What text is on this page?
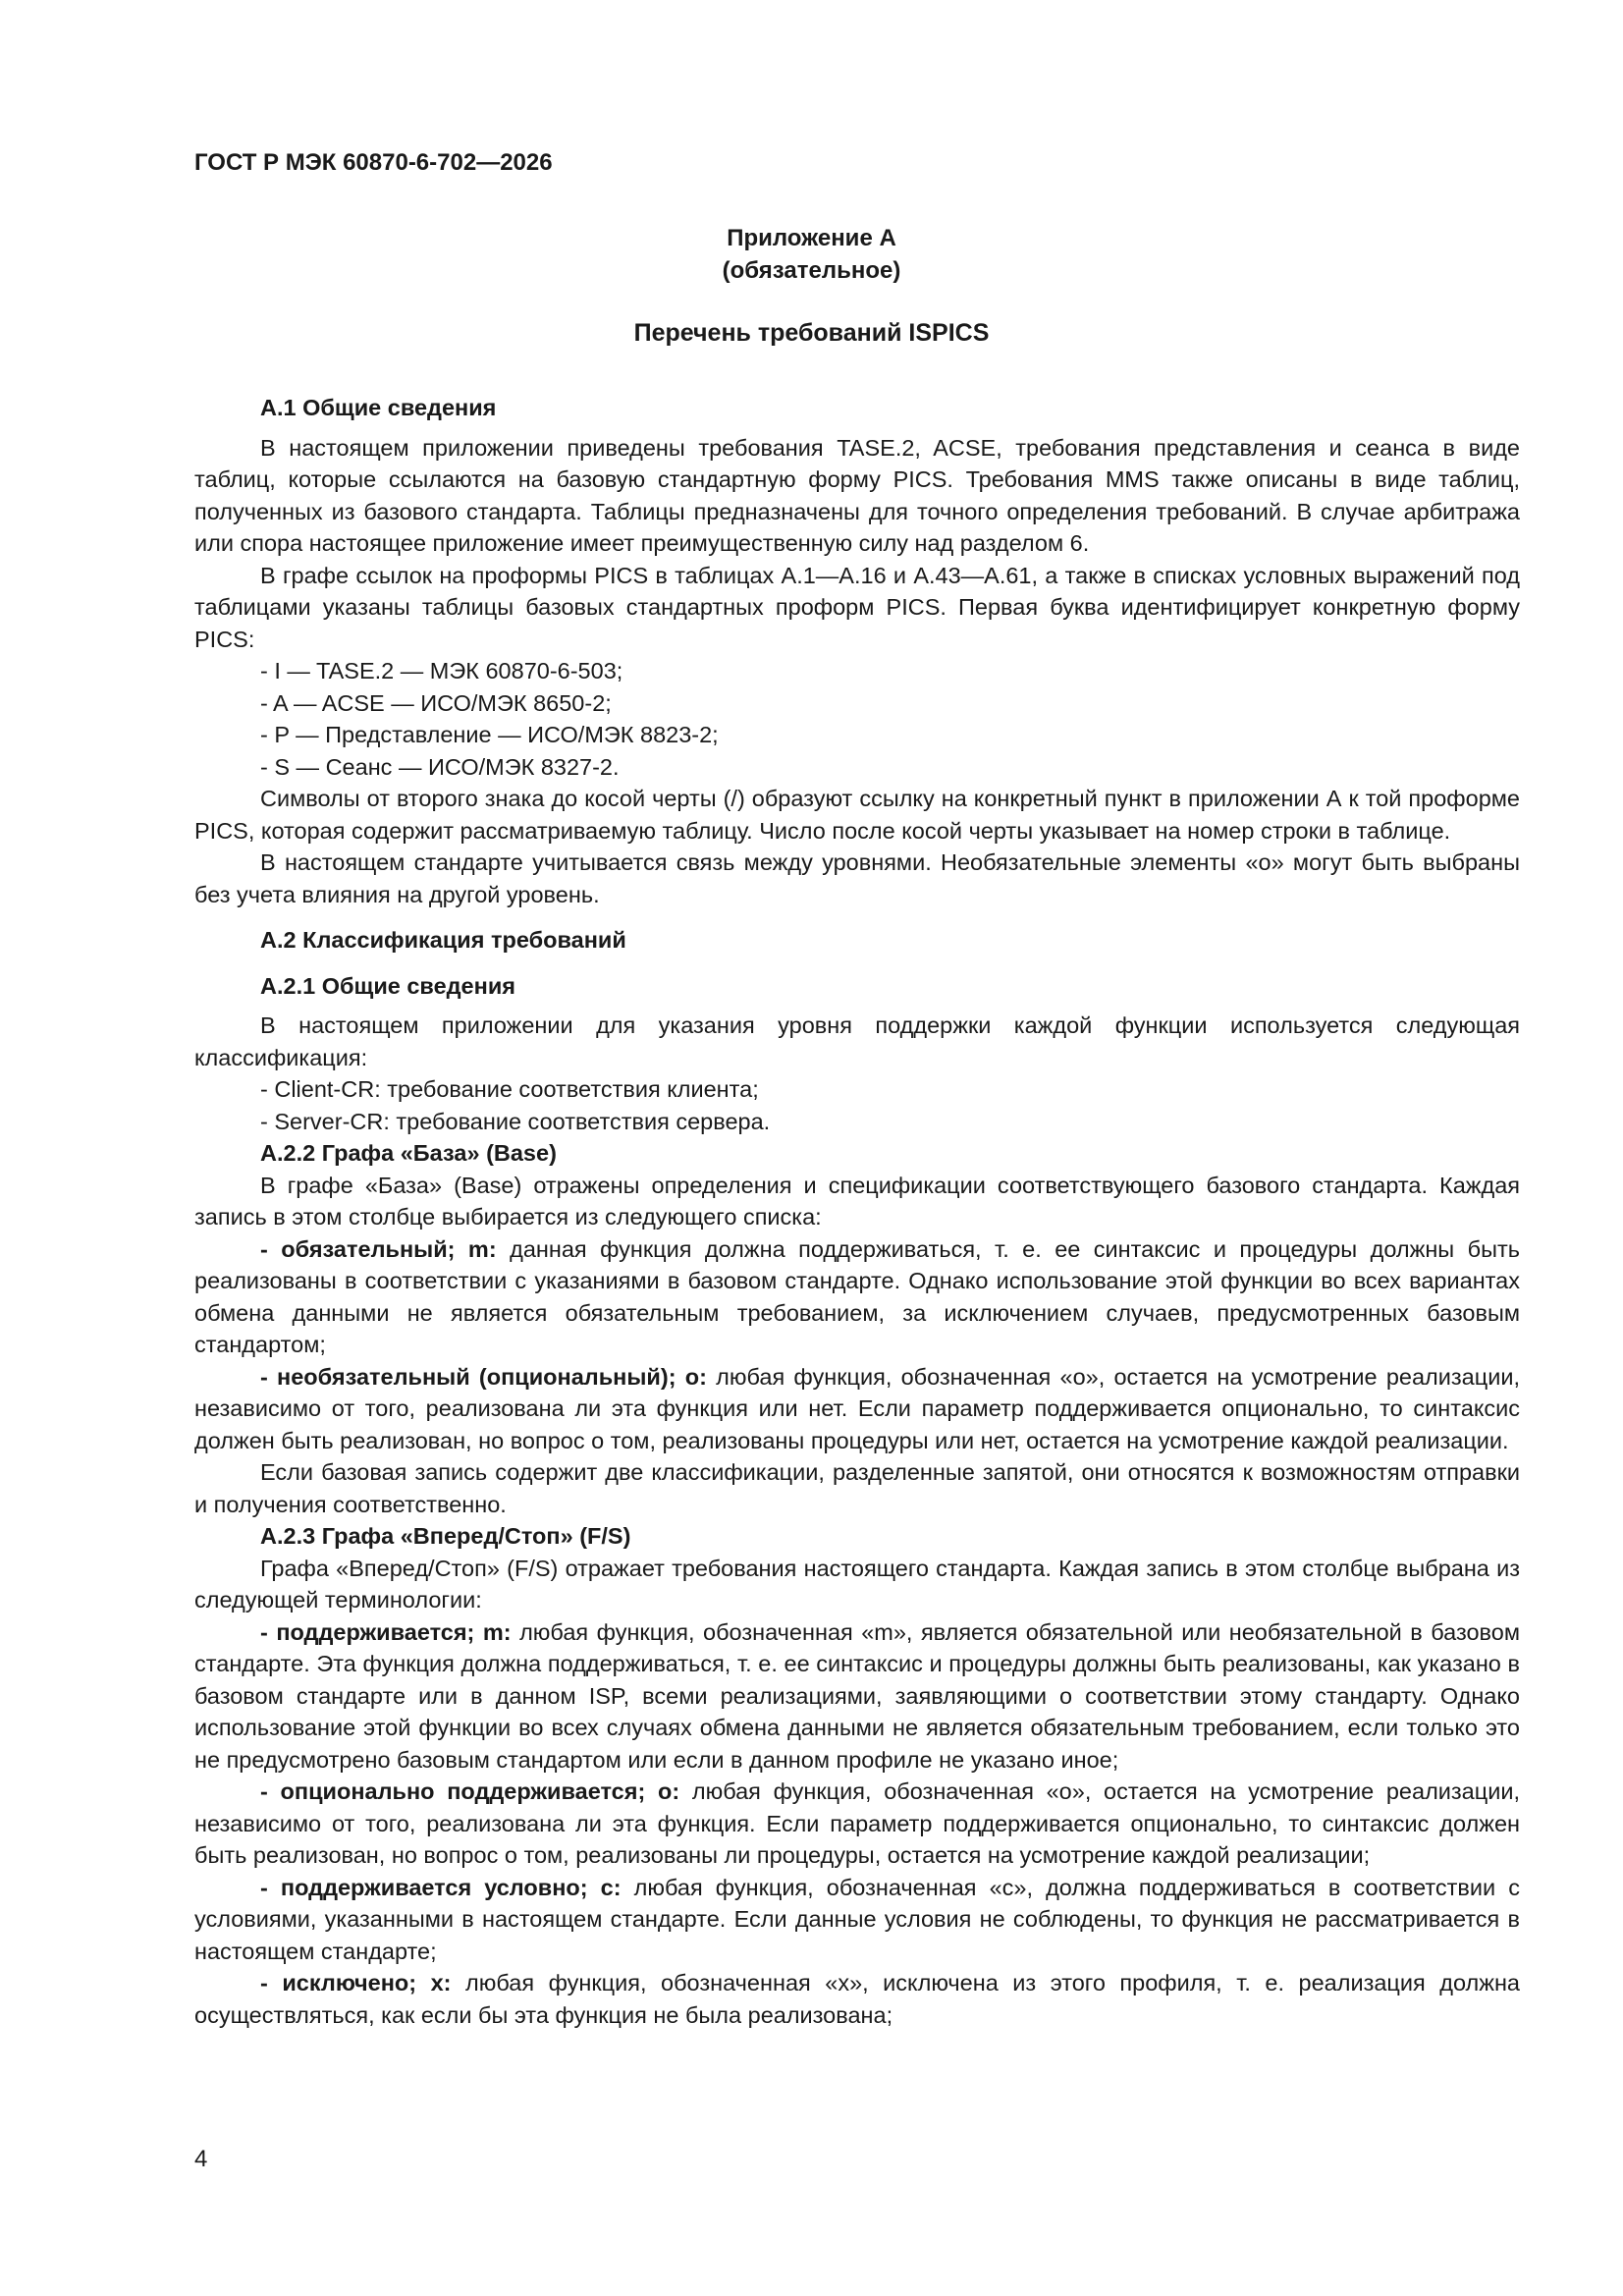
ГОСТ Р МЭК 60870-6-702—2026
Приложение А
(обязательное)
Перечень требований ISPICS
А.1 Общие сведения

В настоящем приложении приведены требования TASE.2, ACSE, требования представления и сеанса в виде таблиц, которые ссылаются на базовую стандартную форму PICS. Требования MMS также описаны в виде таблиц, полученных из базового стандарта. Таблицы предназначены для точного определения требований. В случае арбитража или спора настоящее приложение имеет преимущественную силу над разделом 6.

В графе ссылок на проформы PICS в таблицах А.1—А.16 и А.43—А.61, а также в списках условных выражений под таблицами указаны таблицы базовых стандартных проформ PICS. Первая буква идентифицирует конкретную форму PICS:

- I — TASE.2 — МЭК 60870-6-503;
- A — ACSE — ИСО/МЭК 8650-2;
- P — Представление — ИСО/МЭК 8823-2;
- S — Сеанс — ИСО/МЭК 8327-2.

Символы от второго знака до косой черты (/) образуют ссылку на конкретный пункт в приложении А к той проформе PICS, которая содержит рассматриваемую таблицу. Число после косой черты указывает на номер строки в таблице.

В настоящем стандарте учитывается связь между уровнями. Необязательные элементы «о» могут быть выбраны без учета влияния на другой уровень.

А.2 Классификация требований
А.2.1 Общие сведения

В настоящем приложении для указания уровня поддержки каждой функции используется следующая классификация:

- Client-CR: требование соответствия клиента;
- Server-CR: требование соответствия сервера.
А.2.2 Графа «База» (Base)

В графе «База» (Base) отражены определения и спецификации соответствующего базового стандарта. Каждая запись в этом столбце выбирается из следующего списка:

- обязательный; m: данная функция должна поддерживаться, т. е. ее синтаксис и процедуры должны быть реализованы в соответствии с указаниями в базовом стандарте. Однако использование этой функции во всех вариантах обмена данными не является обязательным требованием, за исключением случаев, предусмотренных базовым стандартом;
- необязательный (опциональный); о: любая функция, обозначенная «о», остается на усмотрение реализации, независимо от того, реализована ли эта функция или нет. Если параметр поддерживается опционально, то синтаксис должен быть реализован, но вопрос о том, реализованы процедуры или нет, остается на усмотрение каждой реализации.

Если базовая запись содержит две классификации, разделенные запятой, они относятся к возможностям отправки и получения соответственно.

А.2.3 Графа «Вперед/Стоп» (F/S)

Графа «Вперед/Стоп» (F/S) отражает требования настоящего стандарта. Каждая запись в этом столбце выбрана из следующей терминологии:

- поддерживается; m: любая функция, обозначенная «m», является обязательной или необязательной в базовом стандарте. Эта функция должна поддерживаться, т. е. ее синтаксис и процедуры должны быть реализованы, как указано в базовом стандарте или в данном ISP, всеми реализациями, заявляющими о соответствии этому стандарту. Однако использование этой функции во всех случаях обмена данными не является обязательным требованием, если только это не предусмотрено базовым стандартом или если в данном профиле не указано иное;
- опционально поддерживается; о: любая функция, обозначенная «о», остается на усмотрение реализации, независимо от того, реализована ли эта функция. Если параметр поддерживается опционально, то синтаксис должен быть реализован, но вопрос о том, реализованы ли процедуры, остается на усмотрение каждой реализации;
- поддерживается условно; с: любая функция, обозначенная «с», должна поддерживаться в соответствии с условиями, указанными в настоящем стандарте. Если данные условия не соблюдены, то функция не рассматривается в настоящем стандарте;
- исключено; х: любая функция, обозначенная «х», исключена из этого профиля, т. е. реализация должна осуществляться, как если бы эта функция не была реализована;
4
